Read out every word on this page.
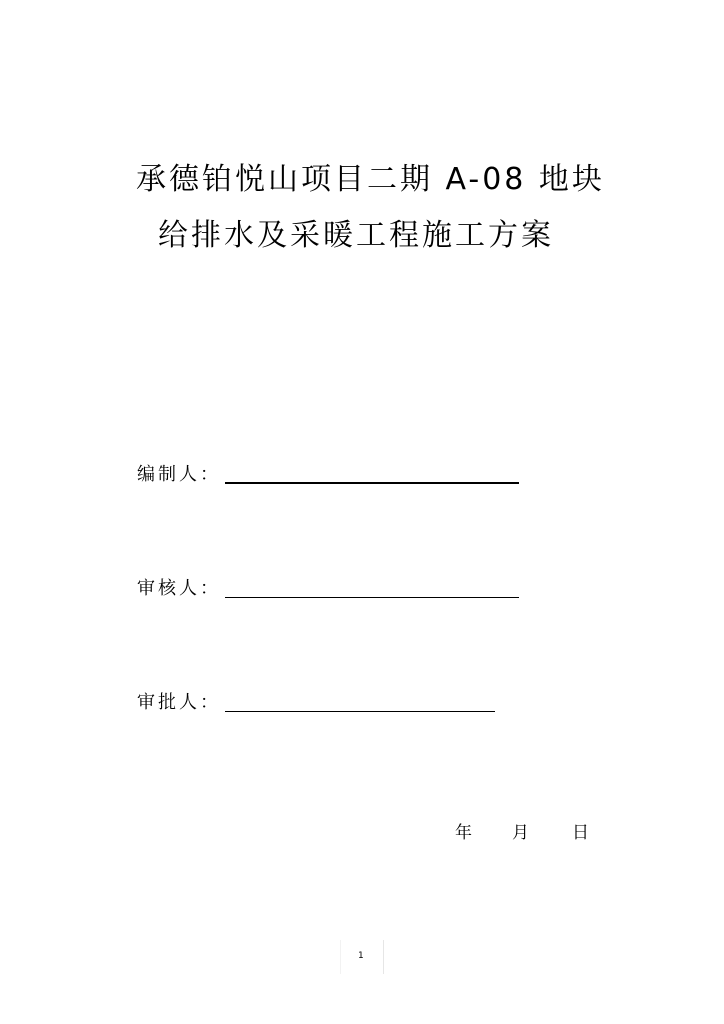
承德铂悦山项目二期 A-08 地块
给排水及采暖工程施工方案
编制人：
审核人：
审批人：
年 月	日
1
